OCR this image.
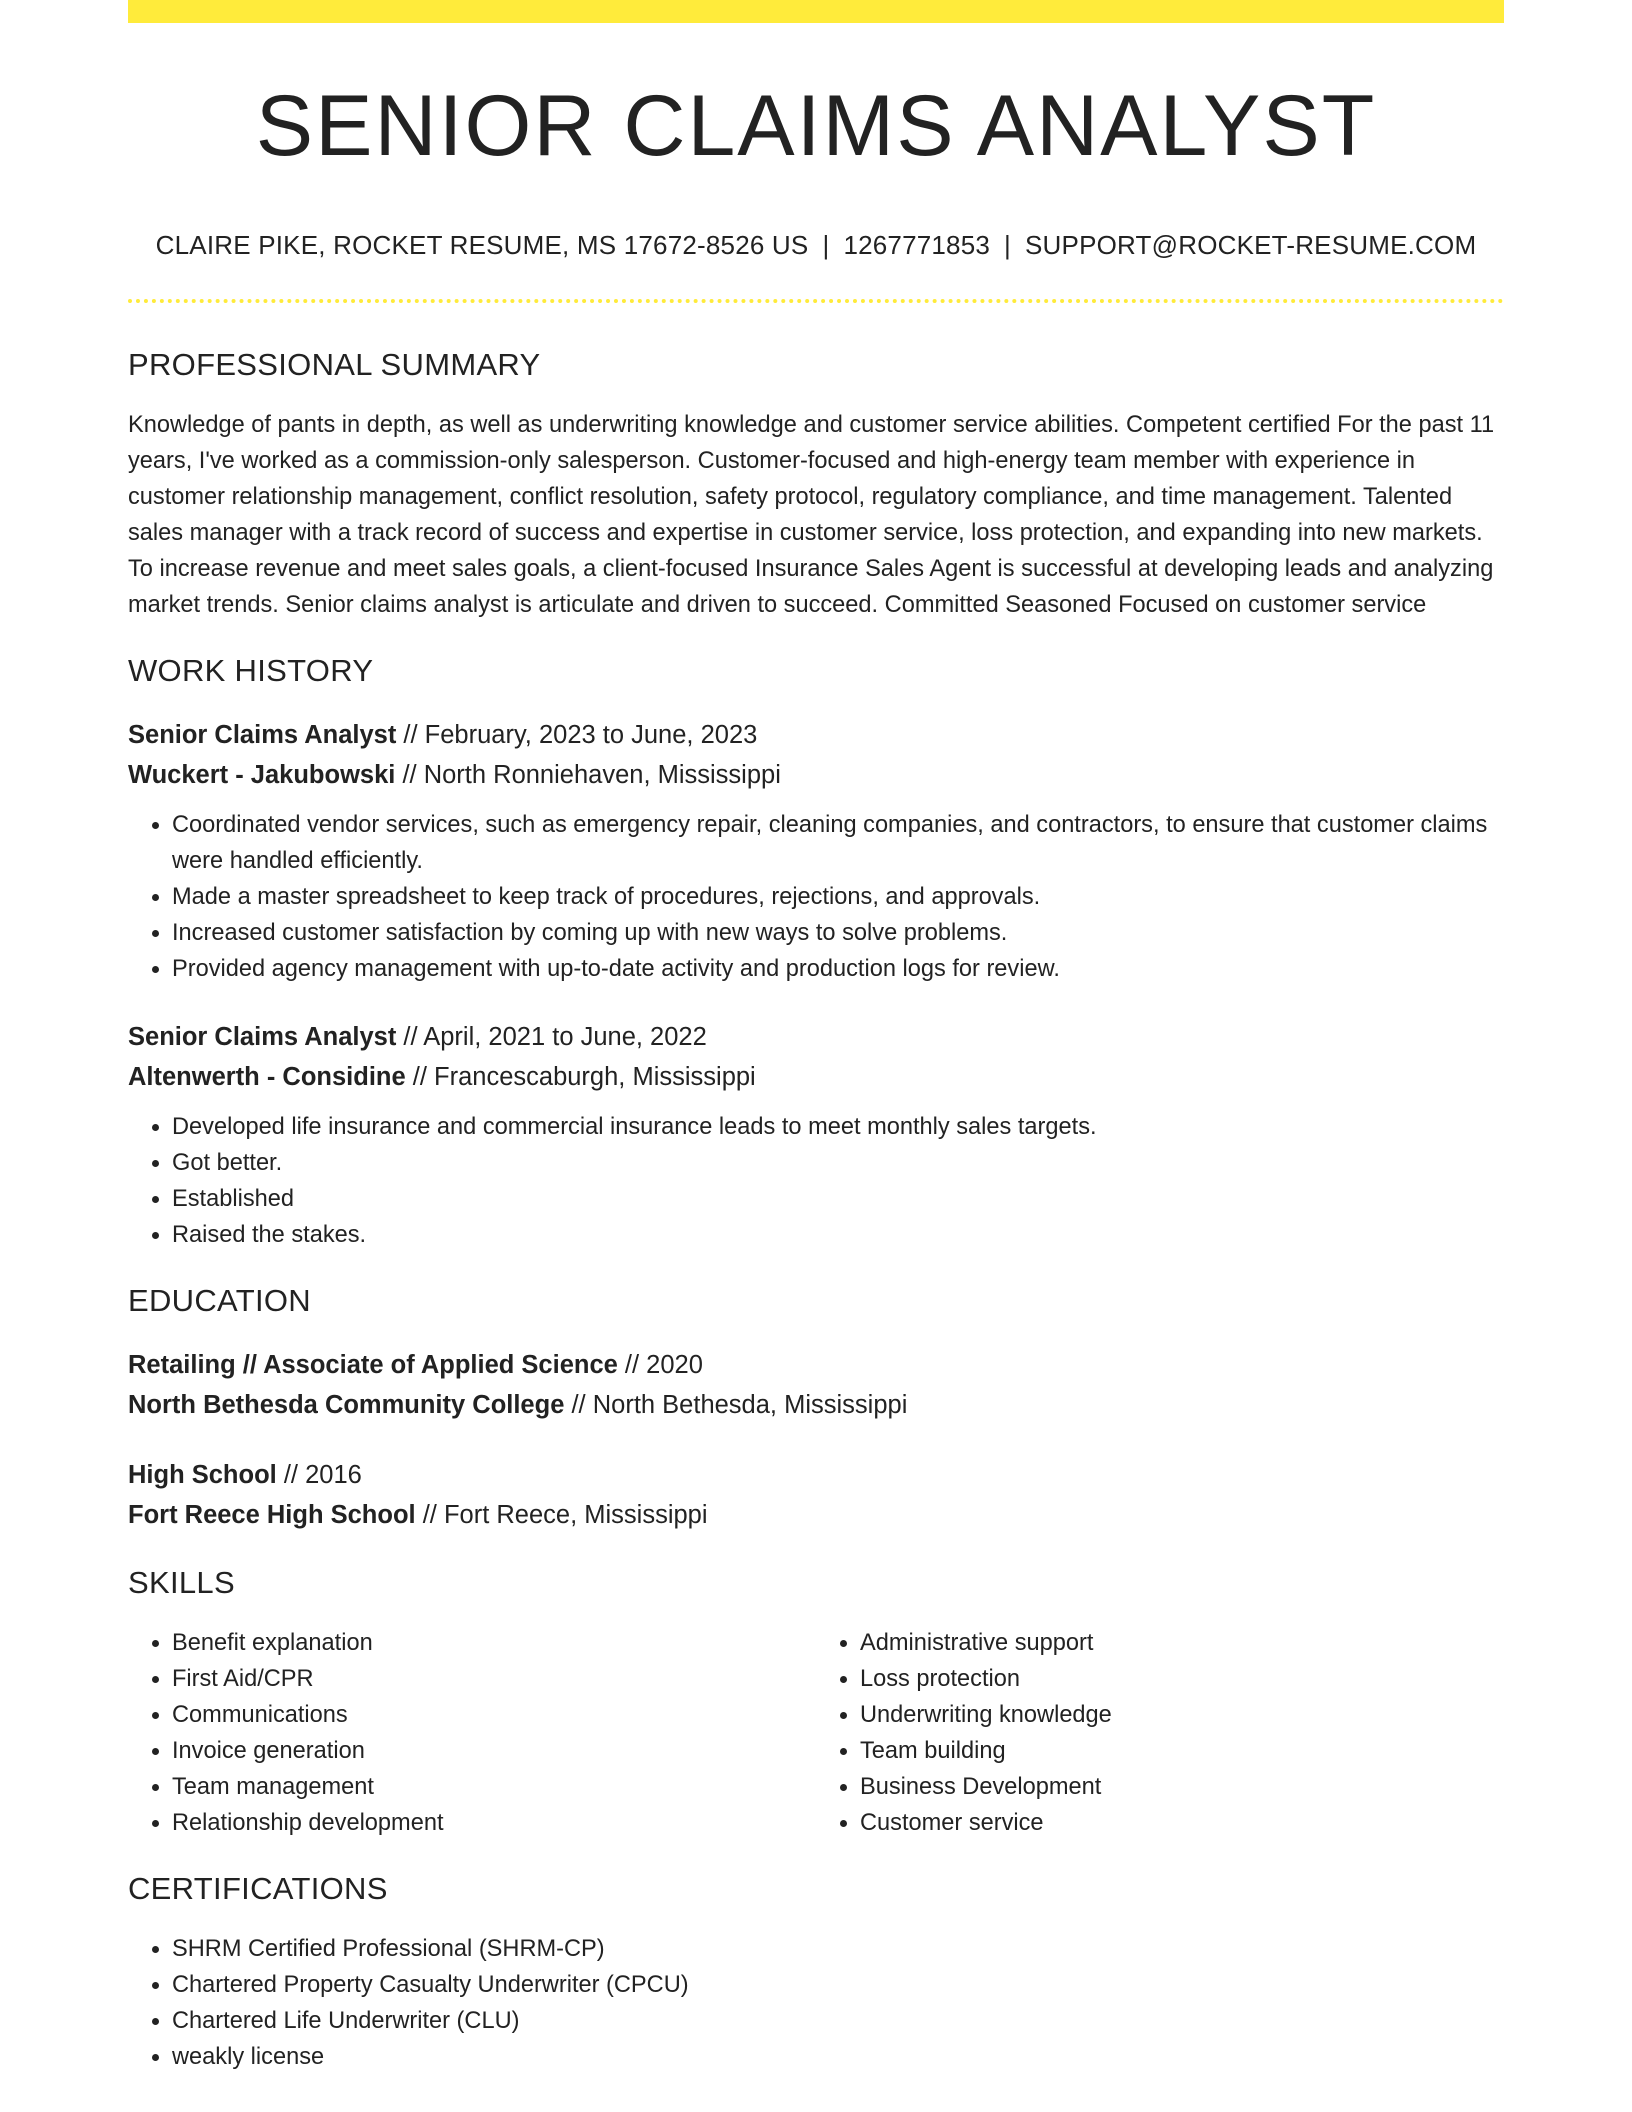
SENIOR CLAIMS ANALYST
CLAIRE PIKE, ROCKET RESUME, MS 17672-8526 US | 1267771853 | SUPPORT@ROCKET-RESUME.COM
PROFESSIONAL SUMMARY
Knowledge of pants in depth, as well as underwriting knowledge and customer service abilities. Competent certified For the past 11 years, I've worked as a commission-only salesperson. Customer-focused and high-energy team member with experience in customer relationship management, conflict resolution, safety protocol, regulatory compliance, and time management. Talented sales manager with a track record of success and expertise in customer service, loss protection, and expanding into new markets. To increase revenue and meet sales goals, a client-focused Insurance Sales Agent is successful at developing leads and analyzing market trends. Senior claims analyst is articulate and driven to succeed. Committed Seasoned Focused on customer service
WORK HISTORY
Senior Claims Analyst // February, 2023 to June, 2023
Wuckert - Jakubowski // North Ronniehaven, Mississippi
• Coordinated vendor services, such as emergency repair, cleaning companies, and contractors, to ensure that customer claims were handled efficiently.
• Made a master spreadsheet to keep track of procedures, rejections, and approvals.
• Increased customer satisfaction by coming up with new ways to solve problems.
• Provided agency management with up-to-date activity and production logs for review.
Senior Claims Analyst // April, 2021 to June, 2022
Altenwerth - Considine // Francescaburgh, Mississippi
• Developed life insurance and commercial insurance leads to meet monthly sales targets.
• Got better.
• Established
• Raised the stakes.
EDUCATION
Retailing // Associate of Applied Science // 2020
North Bethesda Community College // North Bethesda, Mississippi
High School // 2016
Fort Reece High School // Fort Reece, Mississippi
SKILLS
• Benefit explanation
• First Aid/CPR
• Communications
• Invoice generation
• Team management
• Relationship development
• Administrative support
• Loss protection
• Underwriting knowledge
• Team building
• Business Development
• Customer service
CERTIFICATIONS
• SHRM Certified Professional (SHRM-CP)
• Chartered Property Casualty Underwriter (CPCU)
• Chartered Life Underwriter (CLU)
• weakly license
